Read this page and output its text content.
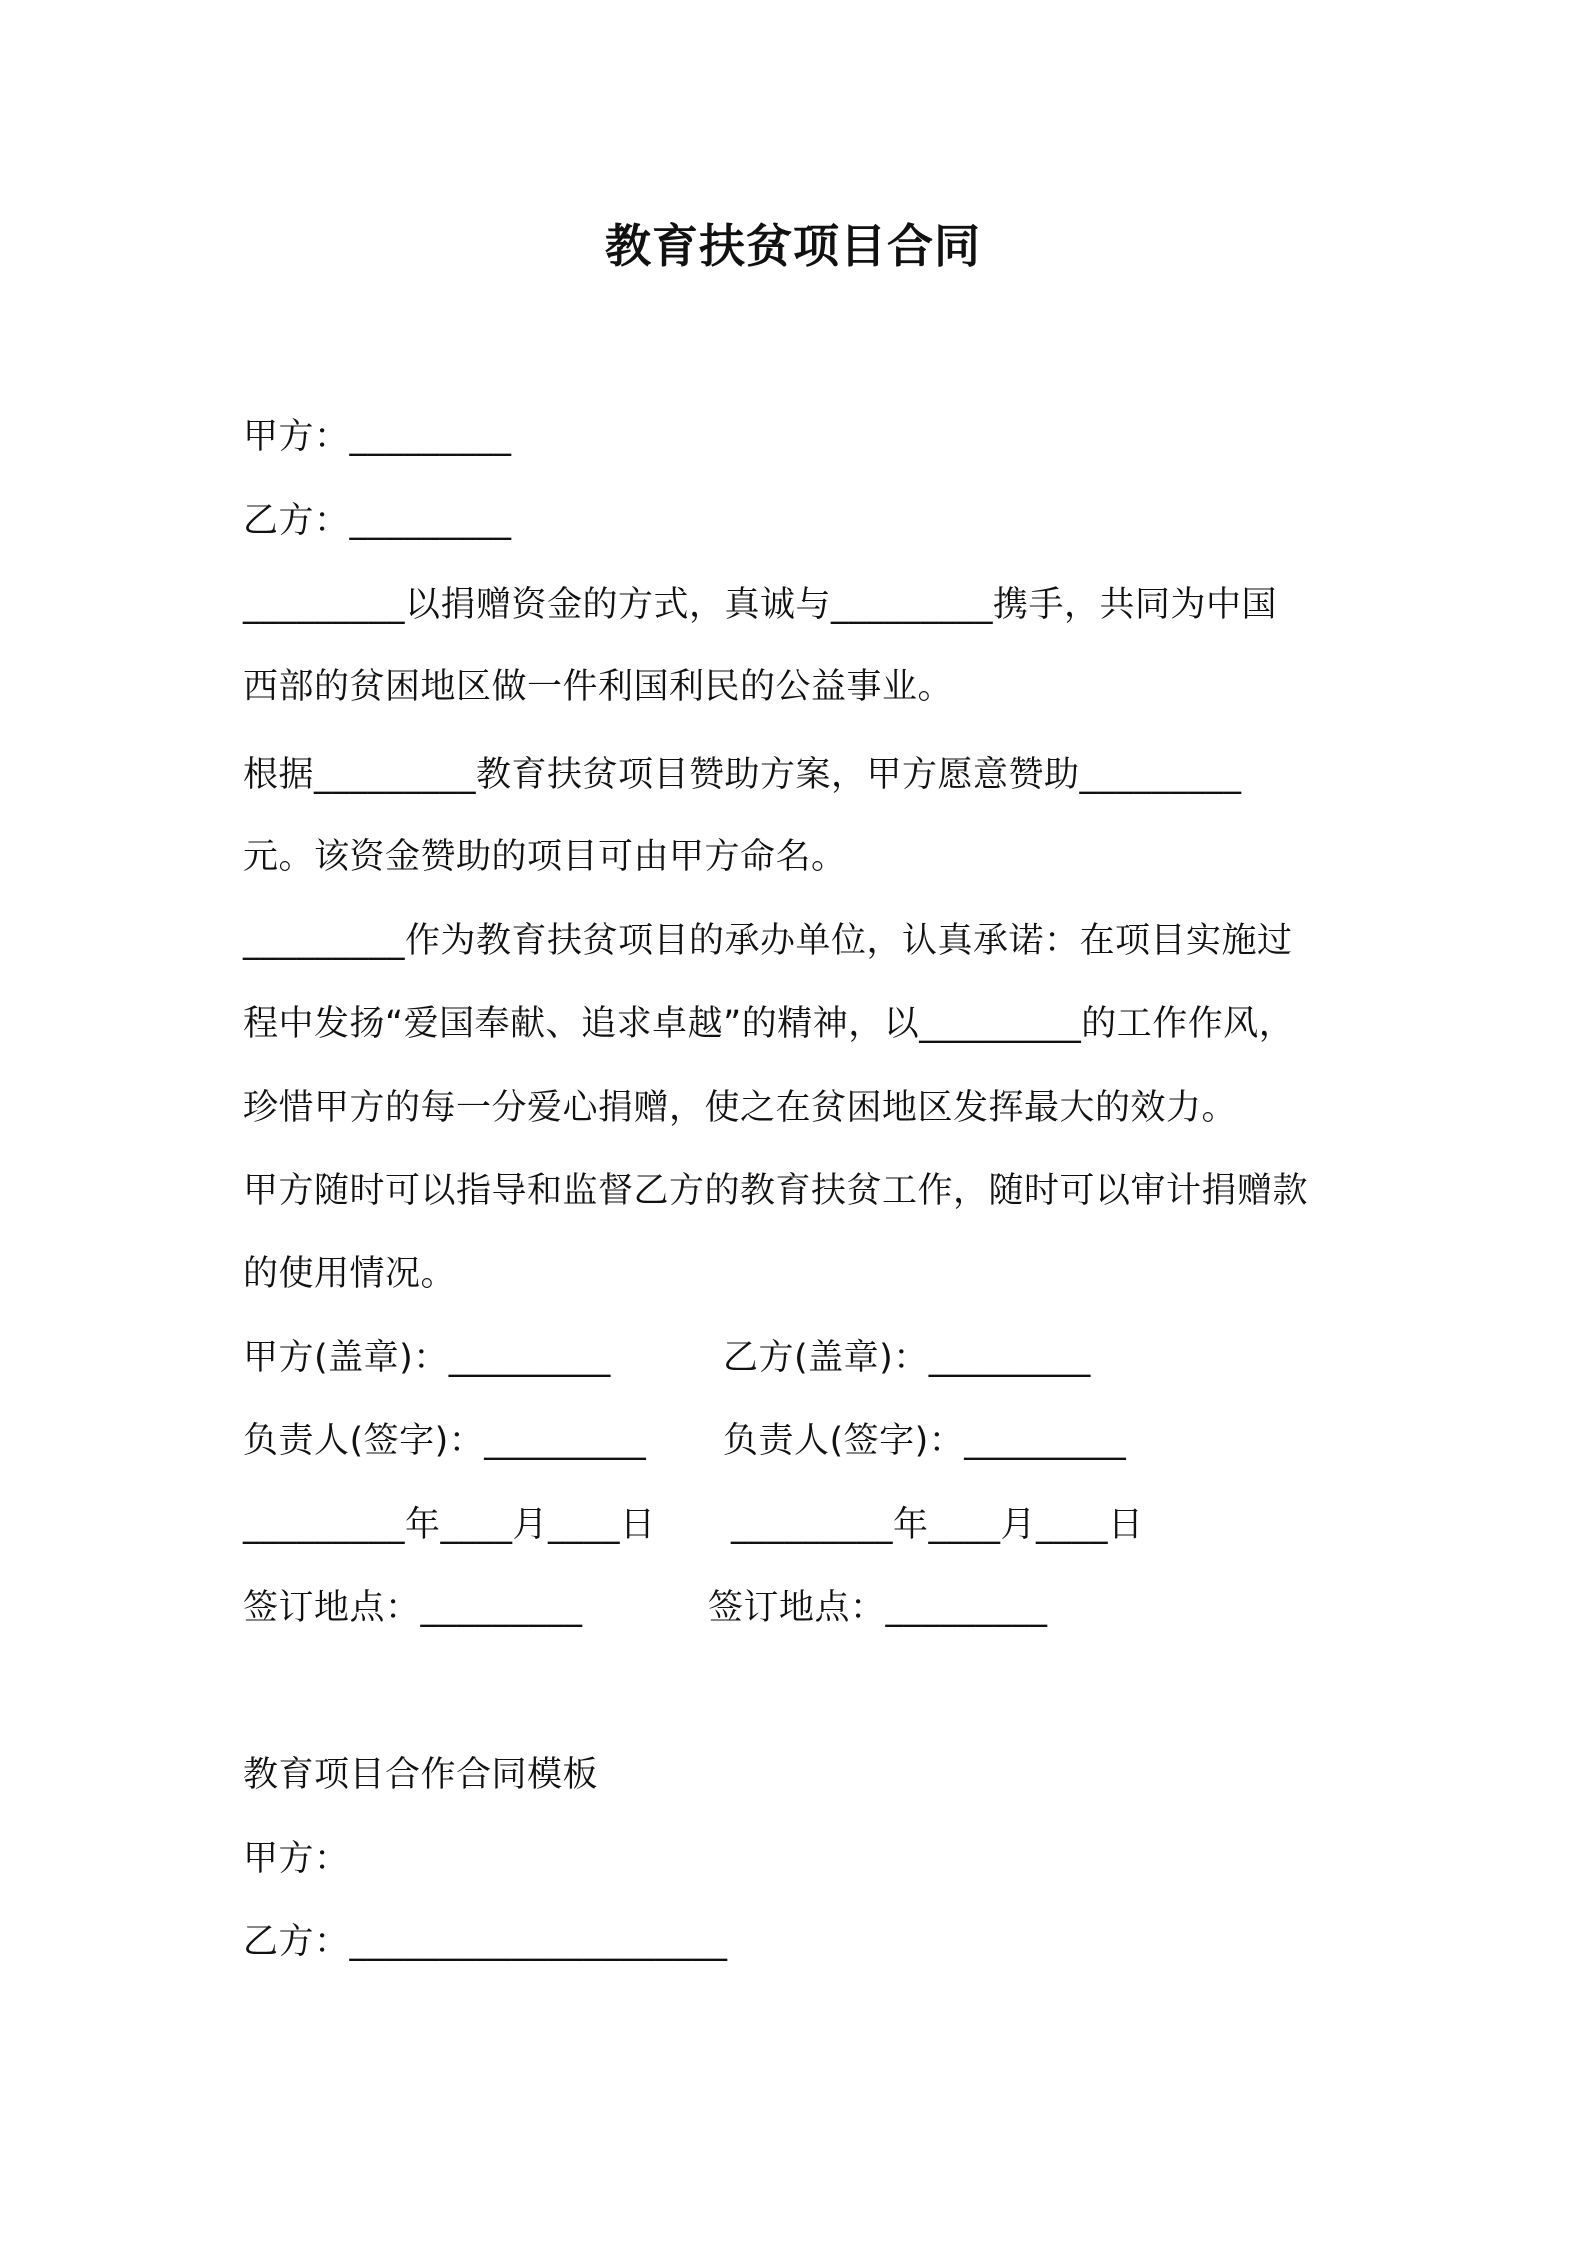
教育扶贫项目合同
甲方：_________
乙方：_________
_________以捐赠资金的方式，真诚与_________携手，共同为中国
西部的贫困地区做一件利国利民的公益事业。
根据_________教育扶贫项目赞助方案，甲方愿意赞助_________
元。该资金赞助的项目可由甲方命名。
_________作为教育扶贫项目的承办单位，认真承诺：在项目实施过
程中发扬“爱国奉献、追求卓越”的精神，以_________的工作作风，
珍惜甲方的每一分爱心捐赠，使之在贫困地区发挥最大的效力。
甲方随时可以指导和监督乙方的教育扶贫工作，随时可以审计捐赠款
的使用情况。
甲方(盖章)：_________	乙方(盖章)：_________
负责人(签字)：_________ 负责人(签字)：_________
_________年____月____日 _________年____月____日
签订地点：_________	签订地点：_________
教育项目合作合同模板
甲方：
乙方：_____________________
